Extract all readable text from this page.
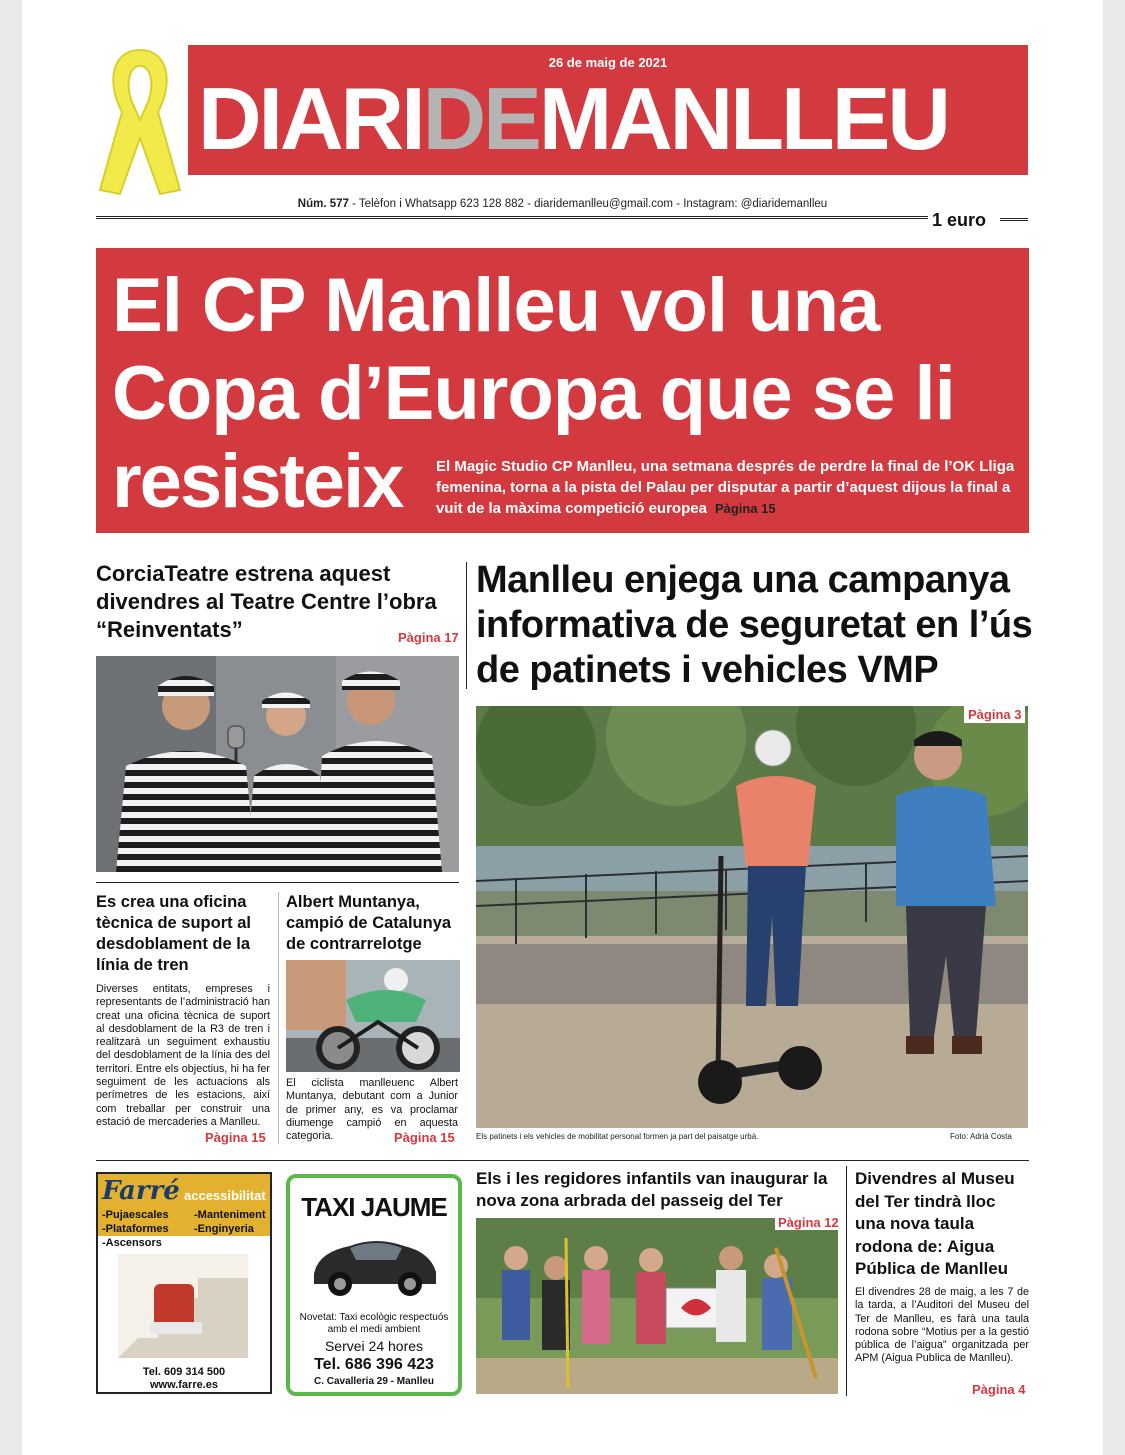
26 de maig de 2021
DIARIDEMANLLEU
Núm. 577 - Telèfon i Whatsapp 623 128 882 - diaridemanlleu@gmail.com - Instagram: @diaridemanlleu
1 euro
El CP Manlleu vol una
Copa d’Europa que se li
resisteix	El Magic Studio CP Manlleu, una setmana després de perdre la final de l’OK Lliga femenina, torna a la pista del Palau per disputar a partir d’aquest dijous la final a vuit de la màxima competició europea Pàgina 15
CorciaTeatre estrena aquest divendres al Teatre Centre l’obra “Reinventats”	Pàgina 17
Manlleu enjega una campanya informativa de seguretat en l’ús de patinets i vehicles VMP
Pàgina 3
Els patinets i els vehicles de mobilitat personal formen ja part del paisatge urbà.	Foto: Adrià Costa
Es crea una oficina tècnica de suport al desdoblament de la línia de tren
Diverses entitats, empreses i representants de l’administració han creat una oficina tècnica de suport al desdoblament de la R3 de tren i realitzarà un seguiment exhaustiu del desdoblament de la línia des del territori. Entre els objectius, hi ha fer seguiment de les actuacions als perímetres de les estacions, així com treballar per construir una estació de mercaderies a Manlleu.
Pàgina 15
Albert Muntanya, campió de Catalunya de contrarrelotge
El ciclista manlleuenc Albert Muntanya, debutant com a Junior de primer any, es va proclamar diumenge campió en aquesta categoria.	Pàgina 15
Farré accessibilitat
-Pujaescales
-Plataformes
-Ascensors
-Manteniment
-Enginyeria
Tel. 609 314 500
www.farre.es
TAXI JAUME
Novetat: Taxi ecològic respectuós amb el medi ambient
Servei 24 hores
Tel. 686 396 423
C. Cavalleria 29 - Manlleu
Els i les regidores infantils van inaugurar la nova zona arbrada del passeig del Ter
Pàgina 12
Divendres al Museu del Ter tindrà lloc una nova taula rodona de: Aigua Pública de Manlleu
El divendres 28 de maig, a les 7 de la tarda, a l’Auditori del Museu del Ter de Manlleu, es farà una taula rodona sobre “Motius per a la gestió pública de l’aigua” organitzada per APM (Aigua Publica de Manlleu).
Pàgina 4
